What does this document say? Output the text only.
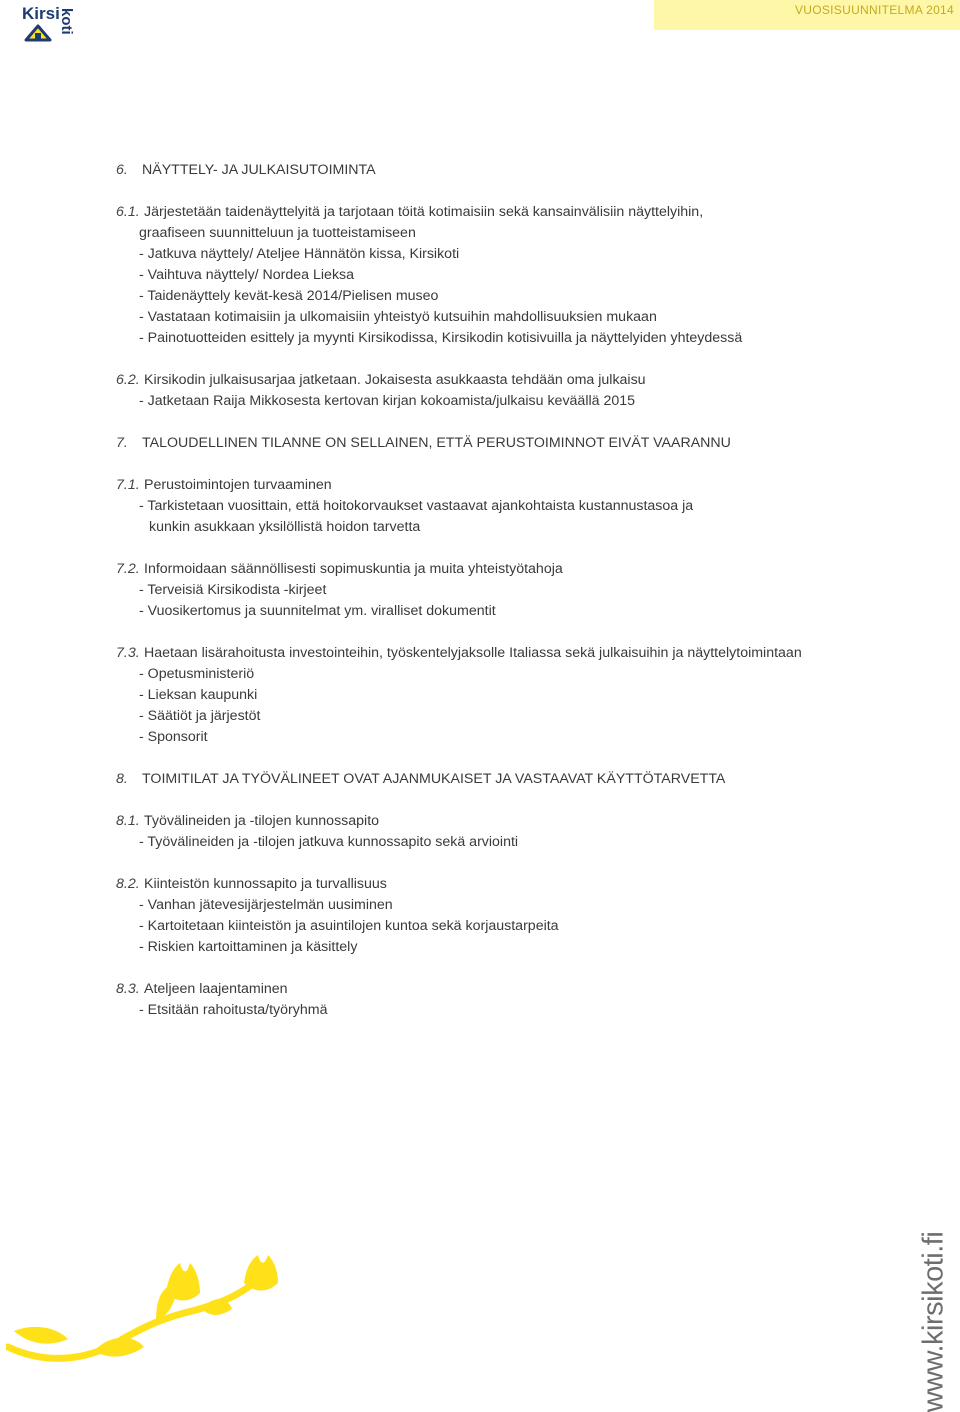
Kirsi
koti	VUOSISUUNNITELMA 2014
6. NÄYTTELY- JA JULKAISUTOIMINTA
6.1. Järjestetään taidenäyttelyitä ja tarjotaan töitä kotimaisiin sekä kansainvälisiin näyttelyihin,
graafiseen suunnitteluun ja tuotteistamiseen
- Jatkuva näyttely/ Ateljee Hännätön kissa, Kirsikoti
- Vaihtuva näyttely/ Nordea Lieksa
- Taidenäyttely kevät-kesä 2014/Pielisen museo
- Vastataan kotimaisiin ja ulkomaisiin yhteistyö kutsuihin mahdollisuuksien mukaan
- Painotuotteiden esittely ja myynti Kirsikodissa, Kirsikodin kotisivuilla ja näyttelyiden yhteydessä
6.2. Kirsikodin julkaisusarjaa jatketaan. Jokaisesta asukkaasta tehdään oma julkaisu
- Jatketaan Raija Mikkosesta kertovan kirjan kokoamista/julkaisu keväällä 2015
7. TALOUDELLINEN TILANNE ON SELLAINEN, ETTÄ PERUSTOIMINNOT EIVÄT VAARANNU
7.1. Perustoimintojen turvaaminen
- Tarkistetaan vuosittain, että hoitokorvaukset vastaavat ajankohtaista kustannustasoa ja
kunkin asukkaan yksilöllistä hoidon tarvetta
7.2. Informoidaan säännöllisesti sopimuskuntia ja muita yhteistyötahoja
- Terveisiä Kirsikodista -kirjeet
- Vuosikertomus ja suunnitelmat ym. viralliset dokumentit
7.3. Haetaan lisärahoitusta investointeihin, työskentelyjaksolle Italiassa sekä julkaisuihin ja näyttelytoimintaan
- Opetusministeriö
- Lieksan kaupunki
- Säätiöt ja järjestöt
- Sponsorit
8. TOIMITILAT JA TYÖVÄLINEET OVAT AJANMUKAISET JA VASTAAVAT KÄYTTÖTARVETTA
8.1. Työvälineiden ja -tilojen kunnossapito
- Työvälineiden ja -tilojen jatkuva kunnossapito sekä arviointi
8.2. Kiinteistön kunnossapito ja turvallisuus
- Vanhan jätevesijärjestelmän uusiminen
- Kartoitetaan kiinteistön ja asuintilojen kuntoa sekä korjaustarpeita
- Riskien kartoittaminen ja käsittely
8.3. Ateljeen laajentaminen
- Etsitään rahoitusta/työryhmä
www.kirsikoti.fi
